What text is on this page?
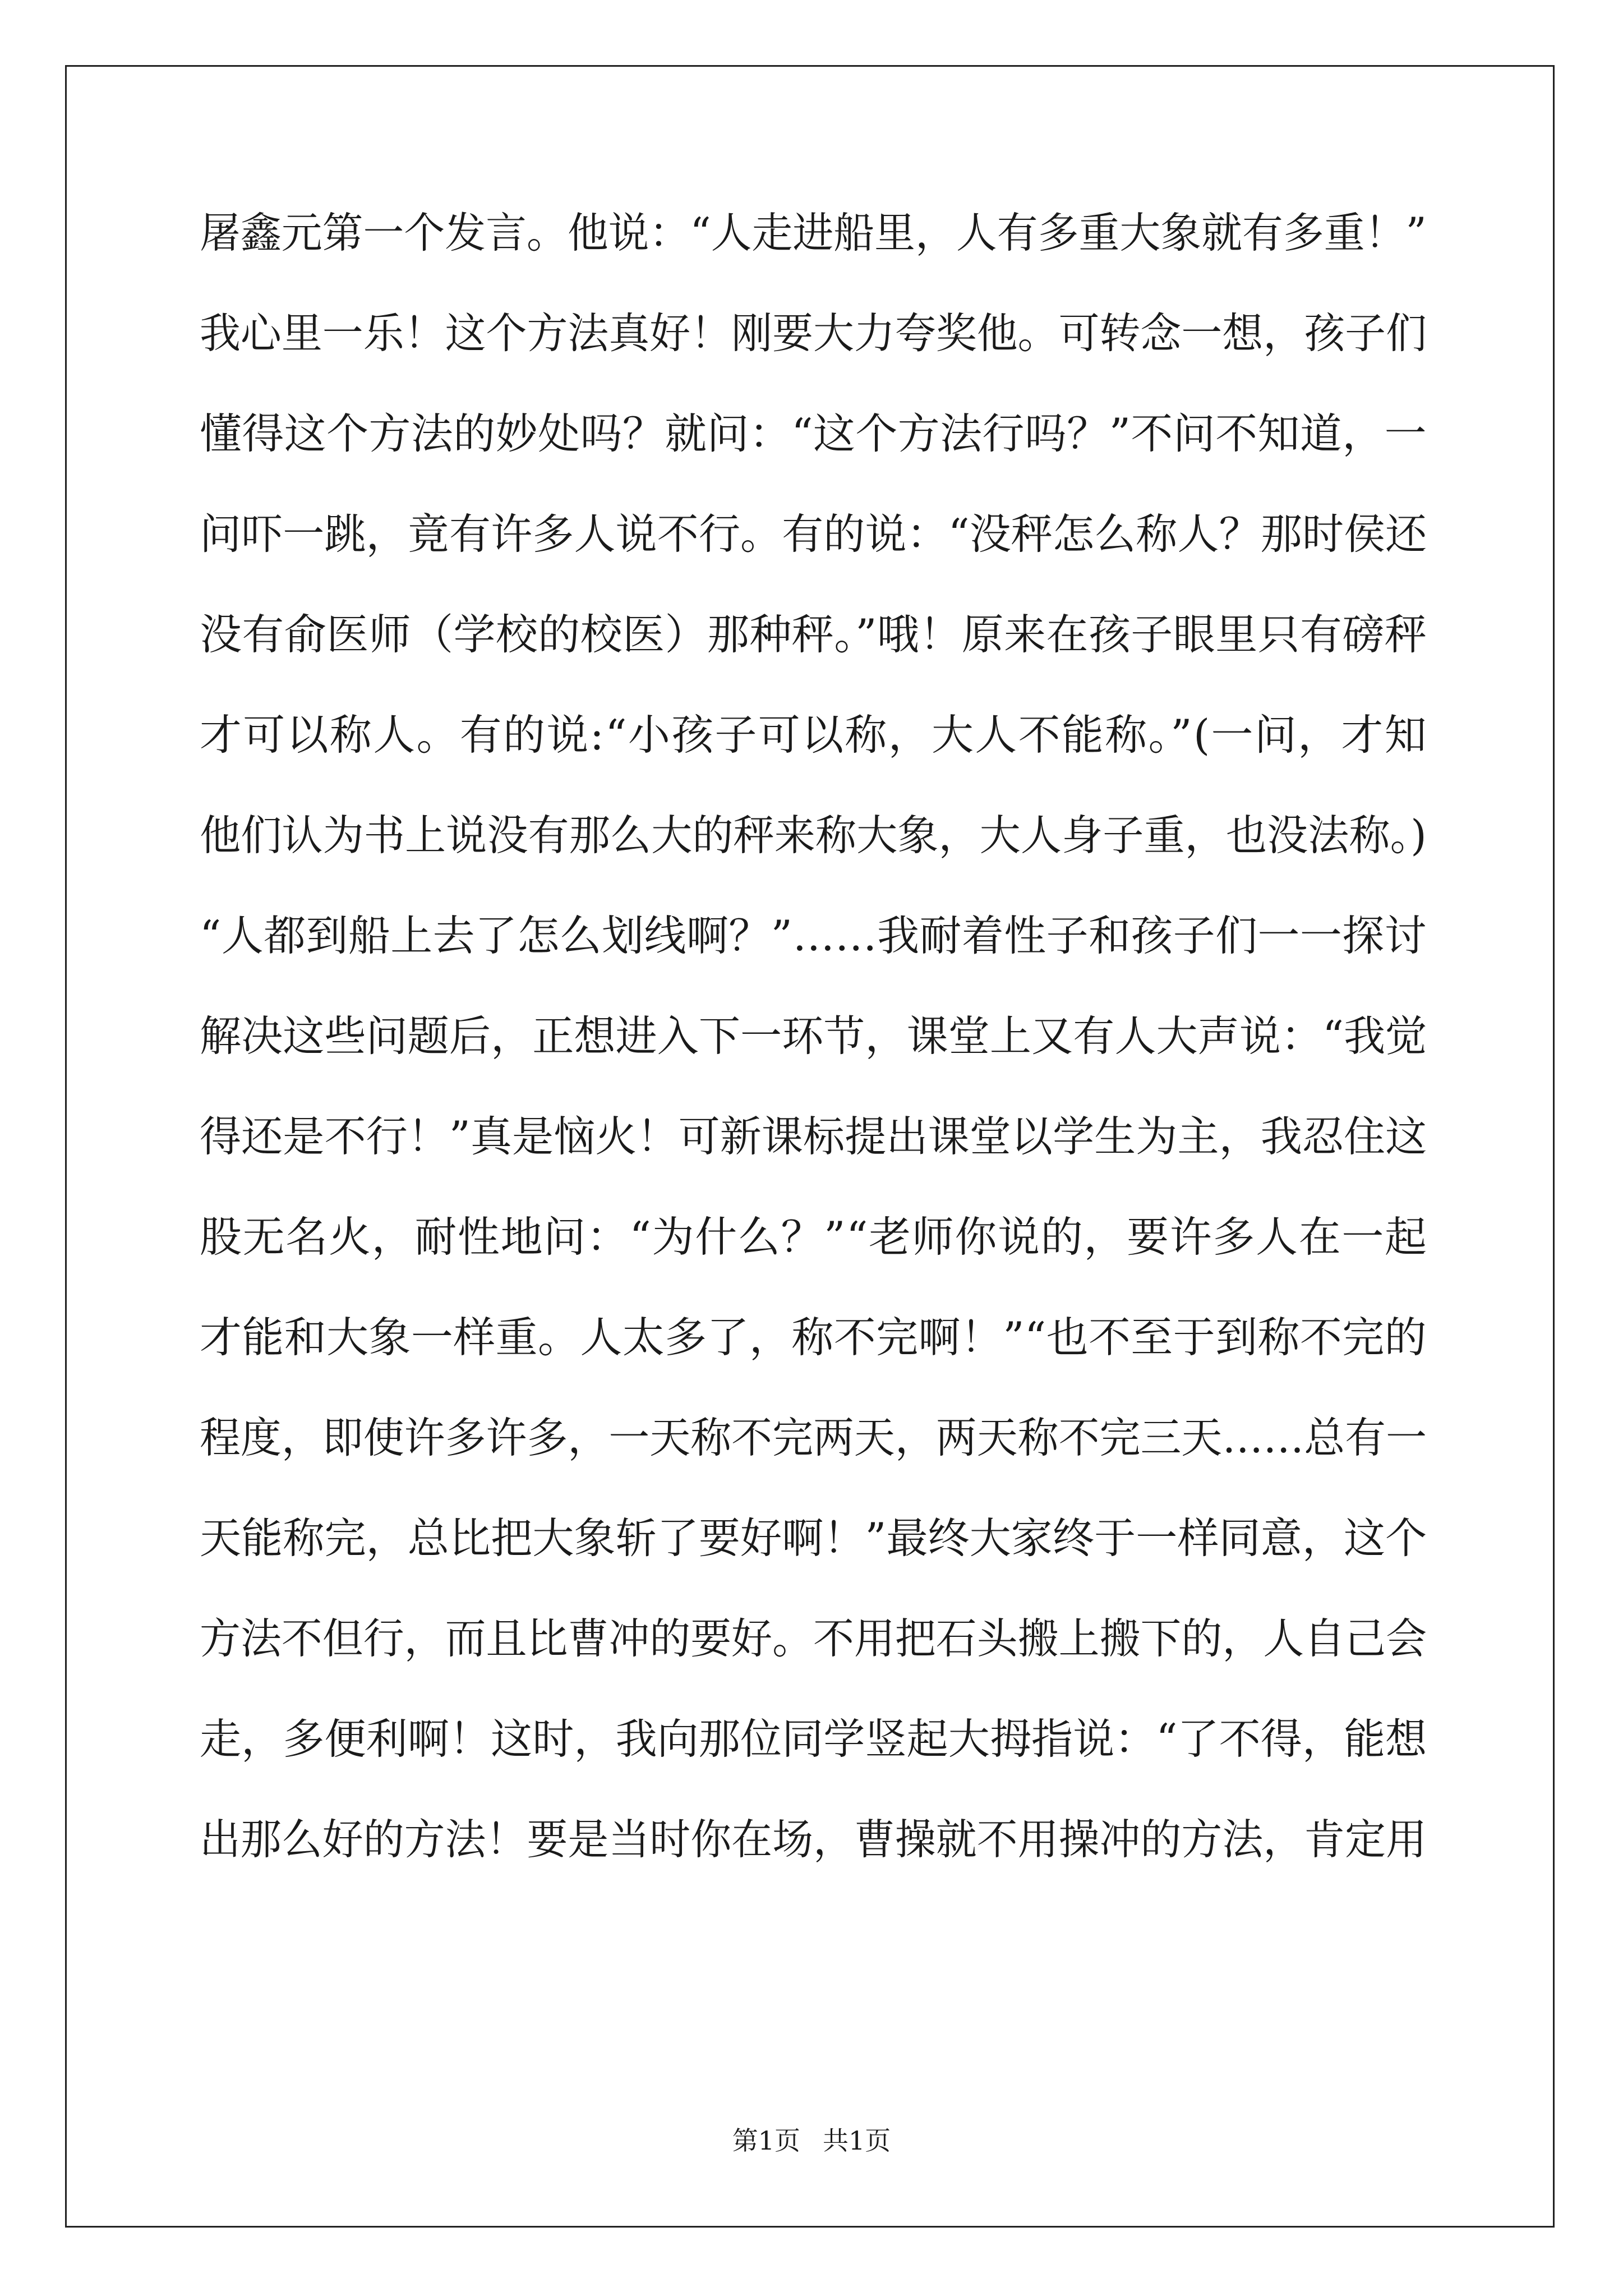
屠鑫元第一个发言。他说：“人走进船里，人有多重大象就有多重！”
我心里一乐！这个方法真好！刚要大力夸奖他。可转念一想，孩子们
懂得这个方法的妙处吗？就问：“这个方法行吗？”不问不知道，一
问吓一跳，竟有许多人说不行。有的说：“没秤怎么称人？那时侯还
没有俞医师（学校的校医）那种秤。”哦！原来在孩子眼里只有磅秤
才可以称人。有的说:“小孩子可以称，大人不能称。”(一问，才知
他们认为书上说没有那么大的秤来称大象，大人身子重，也没法称。)
“人都到船上去了怎么划线啊？”……我耐着性子和孩子们一一探讨
解决这些问题后，正想进入下一环节，课堂上又有人大声说：“我觉
得还是不行！”真是恼火！可新课标提出课堂以学生为主，我忍住这
股无名火，耐性地问：“为什么？”“老师你说的，要许多人在一起
才能和大象一样重。人太多了，称不完啊！”“也不至于到称不完的
程度，即使许多许多，一天称不完两天，两天称不完三天……总有一
天能称完，总比把大象斩了要好啊！”最终大家终于一样同意，这个
方法不但行，而且比曹冲的要好。不用把石头搬上搬下的，人自己会
走，多便利啊！这时，我向那位同学竖起大拇指说：“了不得，能想
出那么好的方法！要是当时你在场，曹操就不用操冲的方法，肯定用
第1页 共1页
